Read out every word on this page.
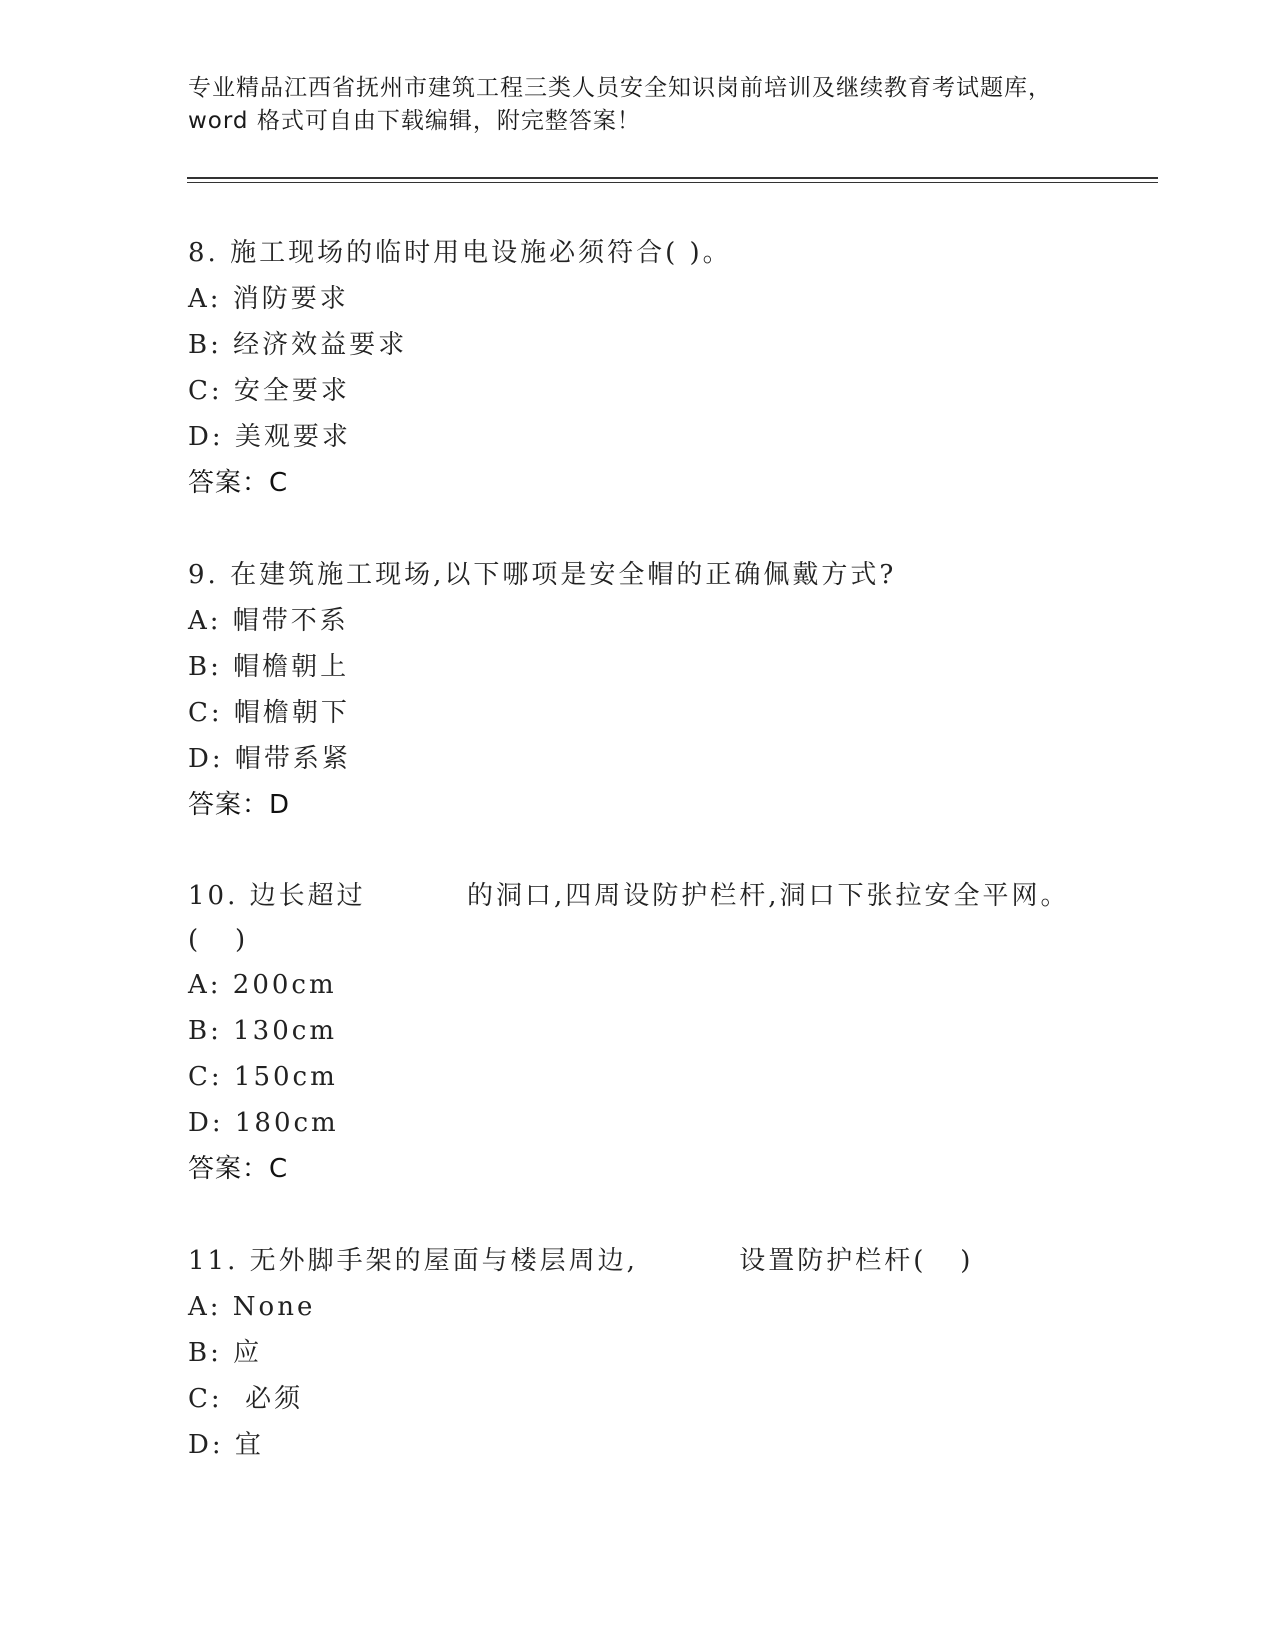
专业精品江西省抚州市建筑工程三类人员安全知识岗前培训及继续教育考试题库，
word 格式可自由下载编辑，附完整答案！
8. 施工现场的临时用电设施必须符合( )。
A: 消防要求
B: 经济效益要求
C: 安全要求
D: 美观要求
答案：C
9. 在建筑施工现场,以下哪项是安全帽的正确佩戴方式?
A: 帽带不系
B: 帽檐朝上
C: 帽檐朝下
D: 帽带系紧
答案：D
10. 边长超过         的洞口,四周设防护栏杆,洞口下张拉安全平网。
(   )
A: 200cm
B: 130cm
C: 150cm
D: 180cm
答案：C
11. 无外脚手架的屋面与楼层周边,         设置防护栏杆(   )
A: None
B: 应
C:  必须
D: 宜
